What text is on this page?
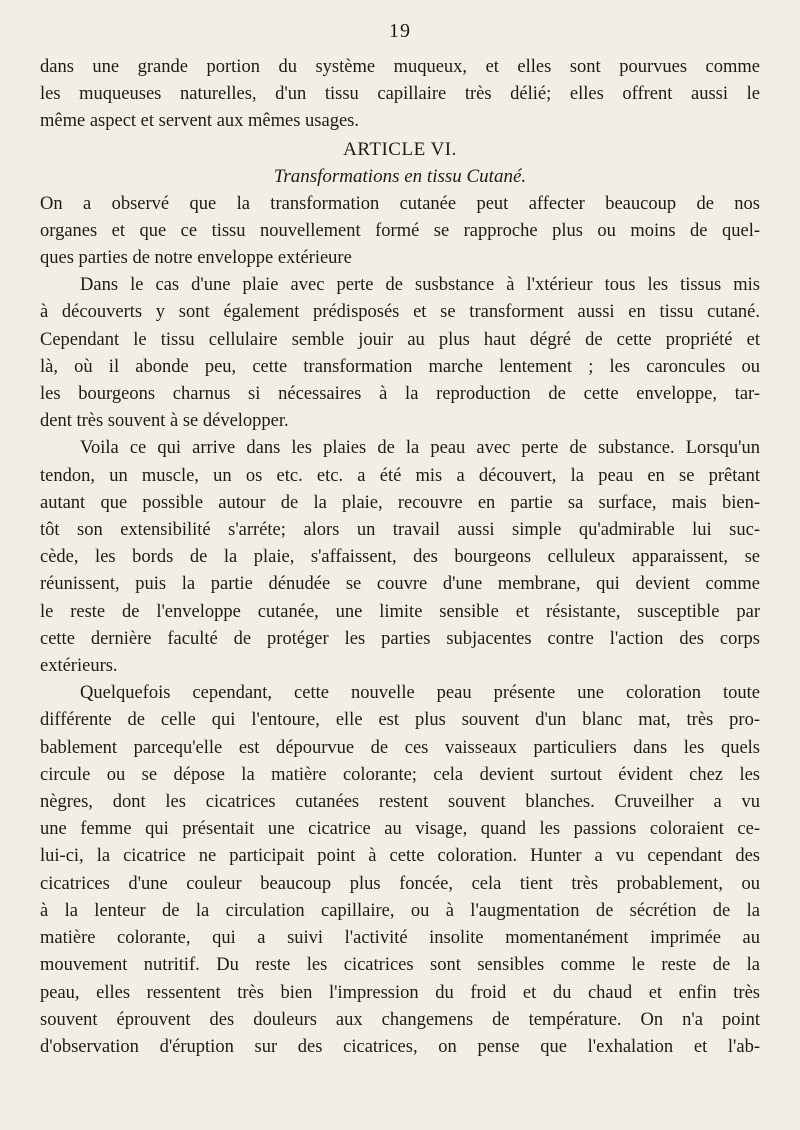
19
dans une grande portion du système muqueux, et elles sont pourvues comme
les muqueuses naturelles, d'un tissu capillaire très délié; elles offrent aussi le
même aspect et servent aux mêmes usages.
ARTICLE VI.
Transformations en tissu Cutané.
On a observé que la transformation cutanée peut affecter beaucoup de nos
organes et que ce tissu nouvellement formé se rapproche plus ou moins de quel-
ques parties de notre enveloppe extérieure
Dans le cas d'une plaie avec perte de susbstance à l'xtérieur tous les tissus mis
à découverts y sont également prédisposés et se transforment aussi en tissu cutané.
Cependant le tissu cellulaire semble jouir au plus haut dégré de cette propriété et
là, où il abonde peu, cette transformation marche lentement ; les caroncules ou
les bourgeons charnus si nécessaires à la reproduction de cette enveloppe, tar-
dent très souvent à se développer.
Voila ce qui arrive dans les plaies de la peau avec perte de substance. Lorsqu'un
tendon, un muscle, un os etc. etc. a été mis a découvert, la peau en se prêtant
autant que possible autour de la plaie, recouvre en partie sa surface, mais bien-
tôt son extensibilité s'arréte; alors un travail aussi simple qu'admirable lui suc-
cède, les bords de la plaie, s'affaissent, des bourgeons celluleux apparaissent, se
réunissent, puis la partie dénudée se couvre d'une membrane, qui devient comme
le reste de l'enveloppe cutanée, une limite sensible et résistante, susceptible par
cette dernière faculté de protéger les parties subjacentes contre l'action des corps
extérieurs.
Quelquefois cependant, cette nouvelle peau présente une coloration toute
différente de celle qui l'entoure, elle est plus souvent d'un blanc mat, très pro-
bablement parcequ'elle est dépourvue de ces vaisseaux particuliers dans les quels
circule ou se dépose la matière colorante; cela devient surtout évident chez les
nègres, dont les cicatrices cutanées restent souvent blanches. Cruveilher a vu
une femme qui présentait une cicatrice au visage, quand les passions coloraient ce-
lui-ci, la cicatrice ne participait point à cette coloration. Hunter a vu cependant des
cicatrices d'une couleur beaucoup plus foncée, cela tient très probablement, ou
à la lenteur de la circulation capillaire, ou à l'augmentation de sécrétion de la
matière colorante, qui a suivi l'activité insolite momentanément imprimée au
mouvement nutritif. Du reste les cicatrices sont sensibles comme le reste de la
peau, elles ressentent très bien l'impression du froid et du chaud et enfin très
souvent éprouvent des douleurs aux changemens de température. On n'a point
d'observation d'éruption sur des cicatrices, on pense que l'exhalation et l'ab-
